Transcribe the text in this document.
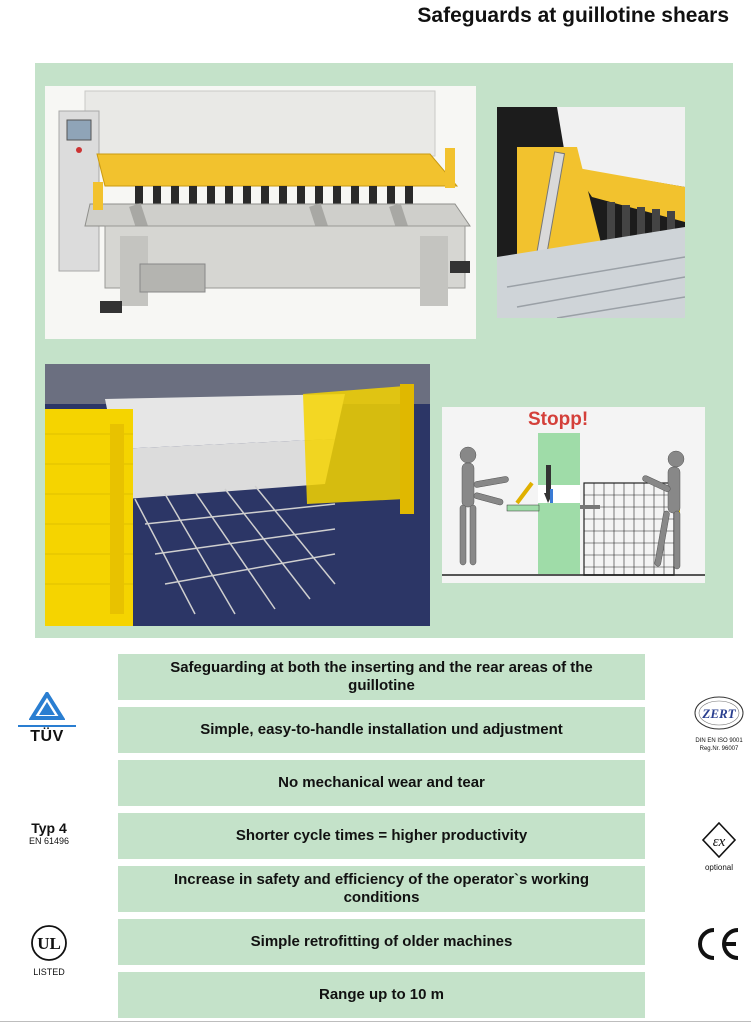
Safeguards at guillotine shears
Stopp!
Safeguarding at both the inserting and the rear areas of the guillotine
Simple, easy-to-handle installation und adjustment
No mechanical wear and tear
Shorter cycle times = higher productivity
Increase in safety and efficiency of the operator`s working conditions
Simple retrofitting of older machines
Range up to 10 m
TÜV
Typ 4
EN 61496
UL
LISTED
ZERT
DIN EN ISO 9001
Reg.Nr. 96007
εx
optional
